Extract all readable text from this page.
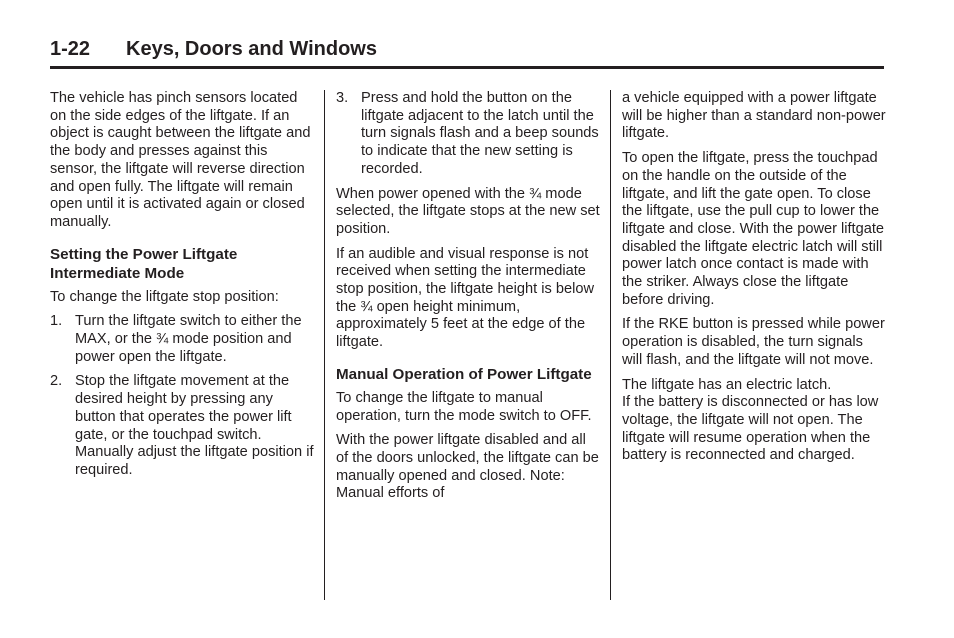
1-22 Keys, Doors and Windows

The vehicle has pinch sensors located on the side edges of the liftgate. If an object is caught between the liftgate and the body and presses against this sensor, the liftgate will reverse direction and open fully. The liftgate will remain open until it is activated again or closed manually.

Setting the Power Liftgate Intermediate Mode

To change the liftgate stop position:

1. Turn the liftgate switch to either the MAX, or the ¾ mode position and power open the liftgate.
2. Stop the liftgate movement at the desired height by pressing any button that operates the power lift gate, or the touchpad switch. Manually adjust the liftgate position if required.
3. Press and hold the button on the liftgate adjacent to the latch until the turn signals flash and a beep sounds to indicate that the new setting is recorded.

When power opened with the ¾ mode selected, the liftgate stops at the new set position.

If an audible and visual response is not received when setting the intermediate stop position, the liftgate height is below the ¾ open height minimum, approximately 5 feet at the edge of the liftgate.

Manual Operation of Power Liftgate

To change the liftgate to manual operation, turn the mode switch to OFF.

With the power liftgate disabled and all of the doors unlocked, the liftgate can be manually opened and closed. Note: Manual efforts of

a vehicle equipped with a power liftgate will be higher than a standard non-power liftgate.

To open the liftgate, press the touchpad on the handle on the outside of the liftgate, and lift the gate open. To close the liftgate, use the pull cup to lower the liftgate and close. With the power liftgate disabled the liftgate electric latch will still power latch once contact is made with the striker. Always close the liftgate before driving.

If the RKE button is pressed while power operation is disabled, the turn signals will flash, and the liftgate will not move.

The liftgate has an electric latch.
If the battery is disconnected or has low voltage, the liftgate will not open. The liftgate will resume operation when the battery is reconnected and charged.
